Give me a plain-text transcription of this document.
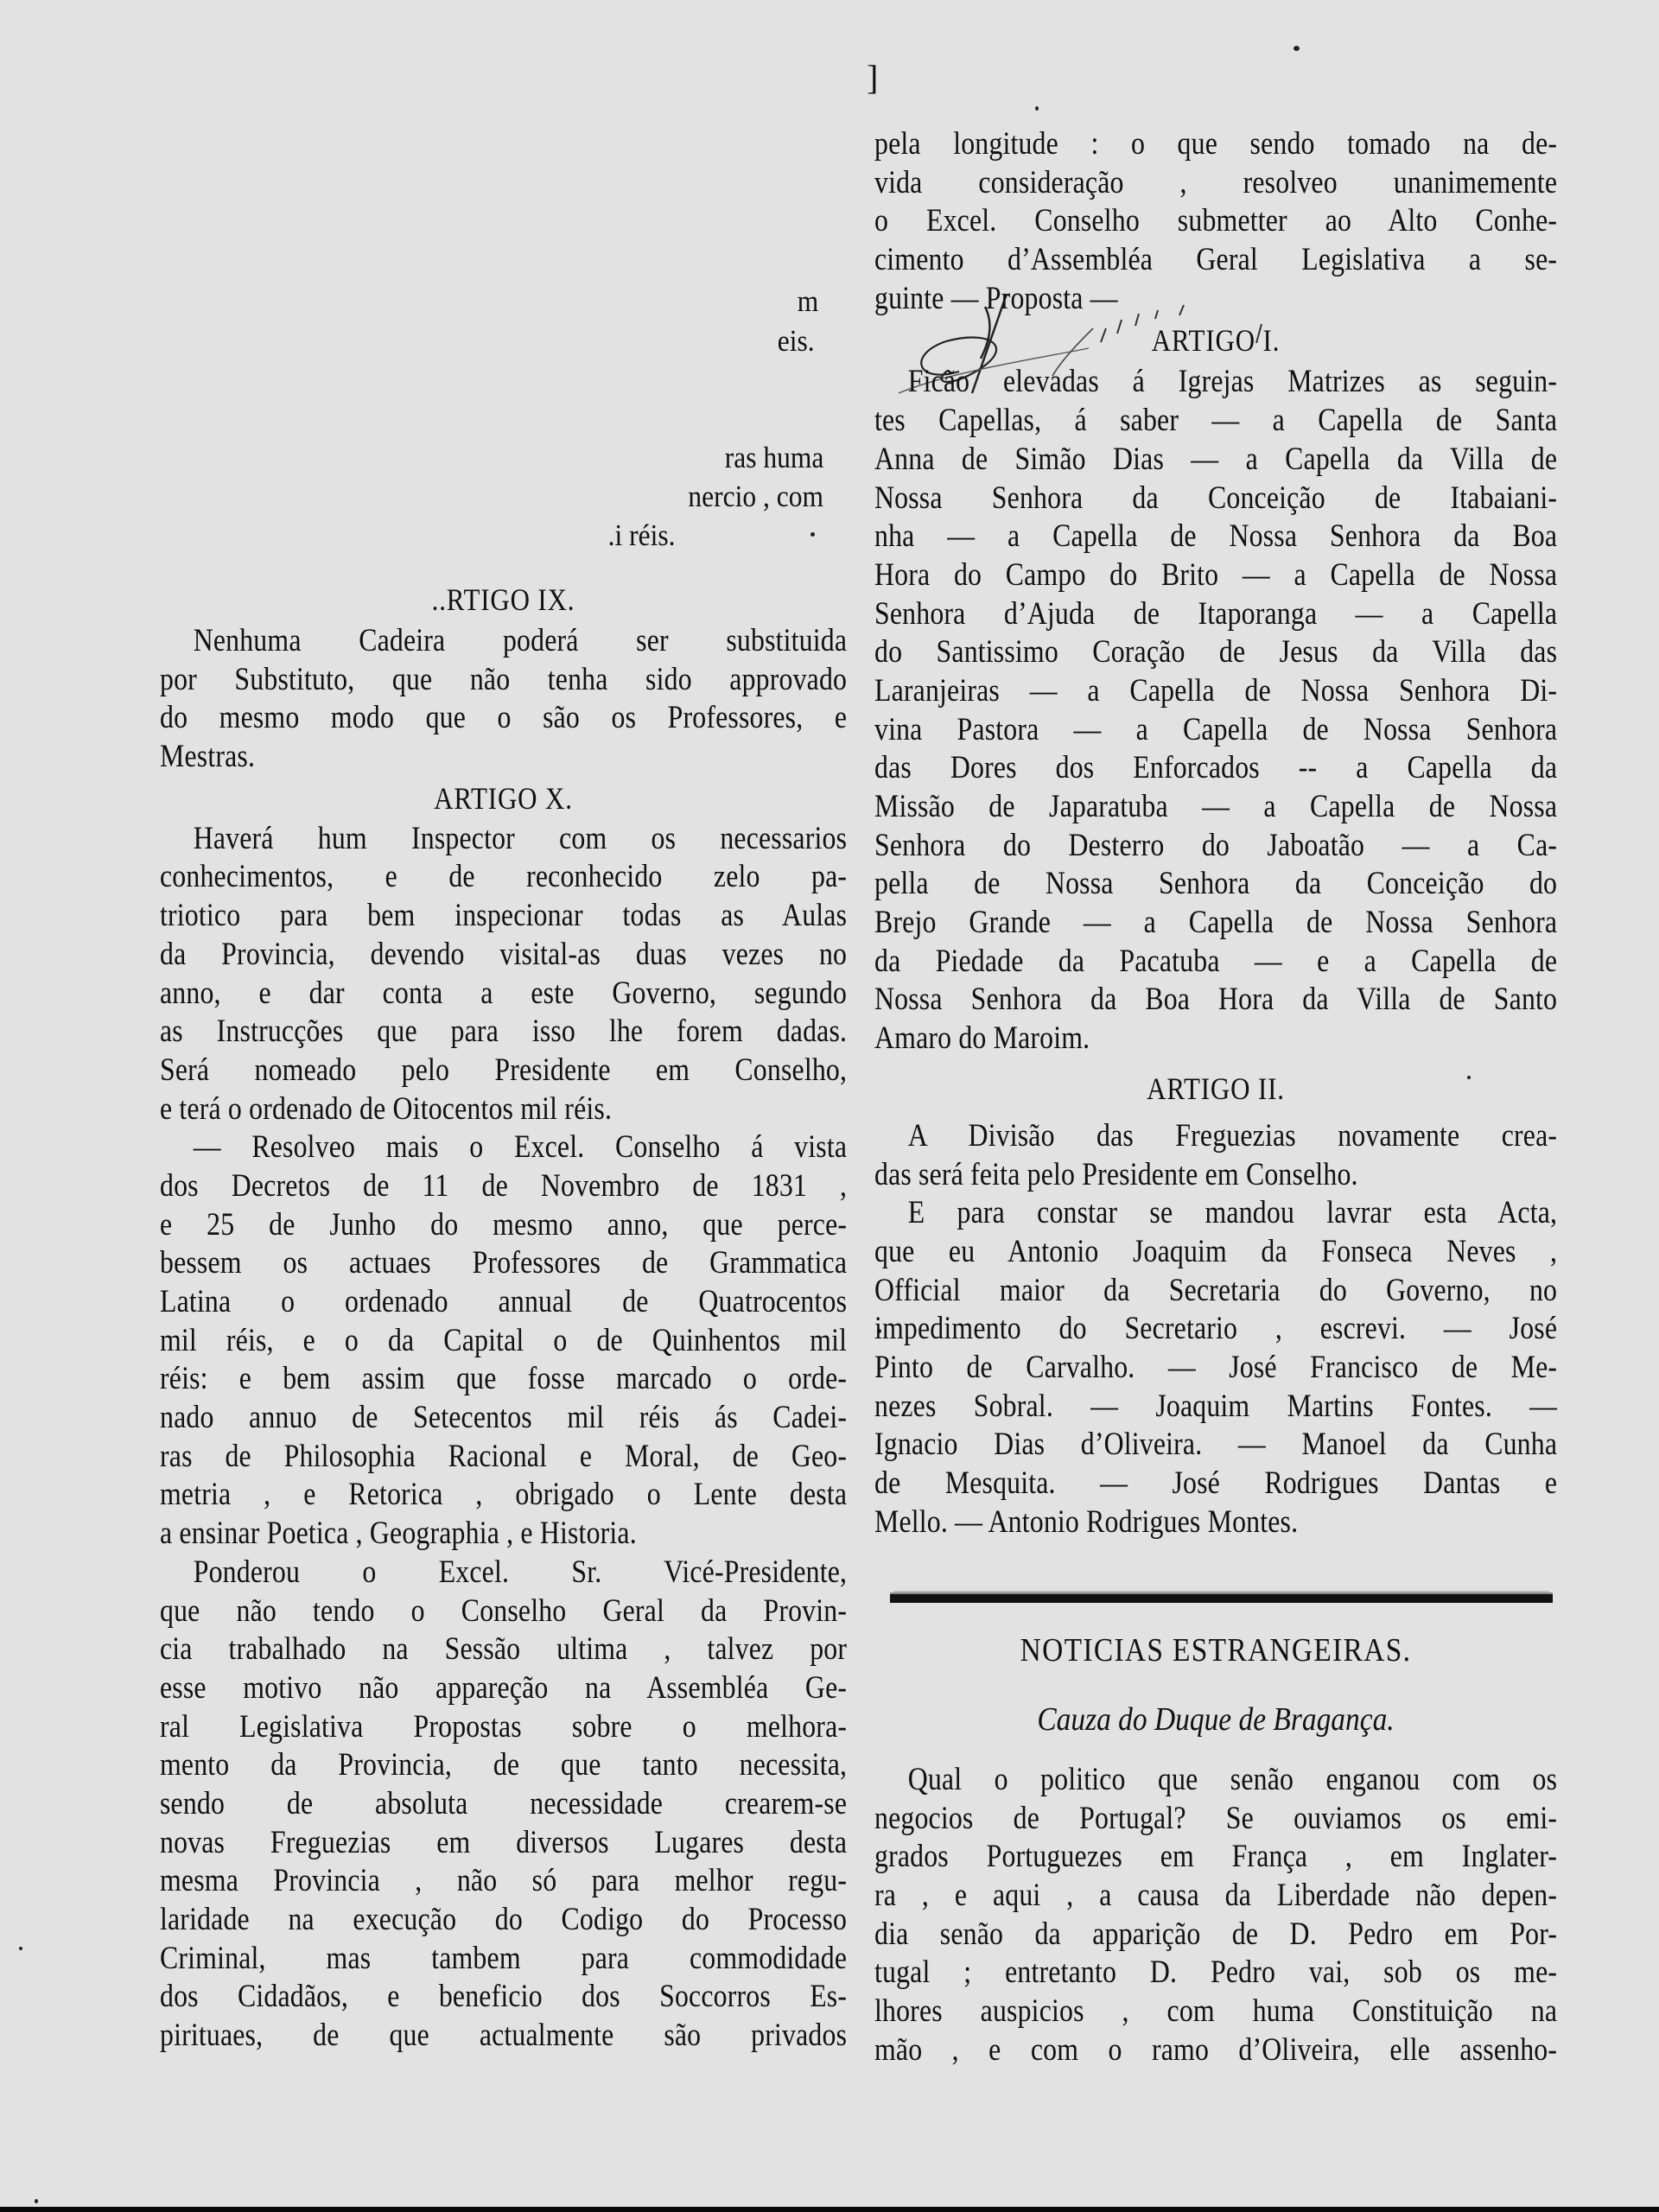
]
m
eis.
ras huma
nercio , com
.i réis.
..RTIGO IX.
Nenhuma Cadeira poderá ser substituida
por Substituto, que não tenha sido approvado
do mesmo modo que o são os Professores, e
Mestras.
ARTIGO X.
Haverá hum Inspector com os necessarios
conhecimentos, e de reconhecido zelo pa-
triotico para bem inspecionar todas as Aulas
da Provincia, devendo visital-as duas vezes no
anno, e dar conta a este Governo, segundo
as Instrucções que para isso lhe forem dadas.
Será nomeado pelo Presidente em Conselho,
e terá o ordenado de Oitocentos mil réis.
— Resolveo mais o Excel. Conselho á vista
dos Decretos de 11 de Novembro de 1831 ,
e 25 de Junho do mesmo anno, que perce-
bessem os actuaes Professores de Grammatica
Latina o ordenado annual de Quatrocentos
mil réis, e o da Capital o de Quinhentos mil
réis: e bem assim que fosse marcado o orde-
nado annuo de Setecentos mil réis ás Cadei-
ras de Philosophia Racional e Moral, de Geo-
metria , e Retorica , obrigado o Lente desta
a ensinar Poetica , Geographia , e Historia.
Ponderou o Excel. Sr. Vicé-Presidente,
que não tendo o Conselho Geral da Provin-
cia trabalhado na Sessão ultima , talvez por
esse motivo não appareção na Assembléa Ge-
ral Legislativa Propostas sobre o melhora-
mento da Provincia, de que tanto necessita,
sendo de absoluta necessidade crearem-se
novas Freguezias em diversos Lugares desta
mesma Provincia , não só para melhor regu-
laridade na execução do Codigo do Processo
Criminal, mas tambem para commodidade
dos Cidadãos, e beneficio dos Soccorros Es-
pirituaes, de que actualmente são privados
pela longitude : o que sendo tomado na de-
vida consideração , resolveo unanimemente
o Excel. Conselho submetter ao Alto Conhe-
cimento d’Assembléa Geral Legislativa a se-
guinte — Proposta —
ARTIGO I.
Ficão elevadas á Igrejas Matrizes as seguin-
tes Capellas, á saber — a Capella de Santa
Anna de Simão Dias — a Capella da Villa de
Nossa Senhora da Conceição de Itabaiani-
nha — a Capella de Nossa Senhora da Boa
Hora do Campo do Brito — a Capella de Nossa
Senhora d’Ajuda de Itaporanga — a Capella
do Santissimo Coração de Jesus da Villa das
Laranjeiras — a Capella de Nossa Senhora Di-
vina Pastora — a Capella de Nossa Senhora
das Dores dos Enforcados -- a Capella da
Missão de Japaratuba — a Capella de Nossa
Senhora do Desterro do Jaboatão — a Ca-
pella de Nossa Senhora da Conceição do
Brejo Grande — a Capella de Nossa Senhora
da Piedade da Pacatuba — e a Capella de
Nossa Senhora da Boa Hora da Villa de Santo
Amaro do Maroim.
ARTIGO II.
A Divisão das Freguezias novamente crea-
das será feita pelo Presidente em Conselho.
E para constar se mandou lavrar esta Acta,
que eu Antonio Joaquim da Fonseca Neves ,
Official maior da Secretaria do Governo, no
impedimento do Secretario , escrevi. — José
Pinto de Carvalho. — José Francisco de Me-
nezes Sobral. — Joaquim Martins Fontes. —
Ignacio Dias d’Oliveira. — Manoel da Cunha
de Mesquita. — José Rodrigues Dantas e
Mello. — Antonio Rodrigues Montes.
NOTICIAS ESTRANGEIRAS.
Cauza do Duque de Bragança.
Qual o politico que senão enganou com os
negocios de Portugal? Se ouviamos os emi-
grados Portuguezes em França , em Inglater-
ra , e aqui , a causa da Liberdade não depen-
dia senão da apparição de D. Pedro em Por-
tugal ; entretanto D. Pedro vai, sob os me-
lhores auspicios , com huma Constituição na
mão , e com o ramo d’Oliveira, elle assenho-
